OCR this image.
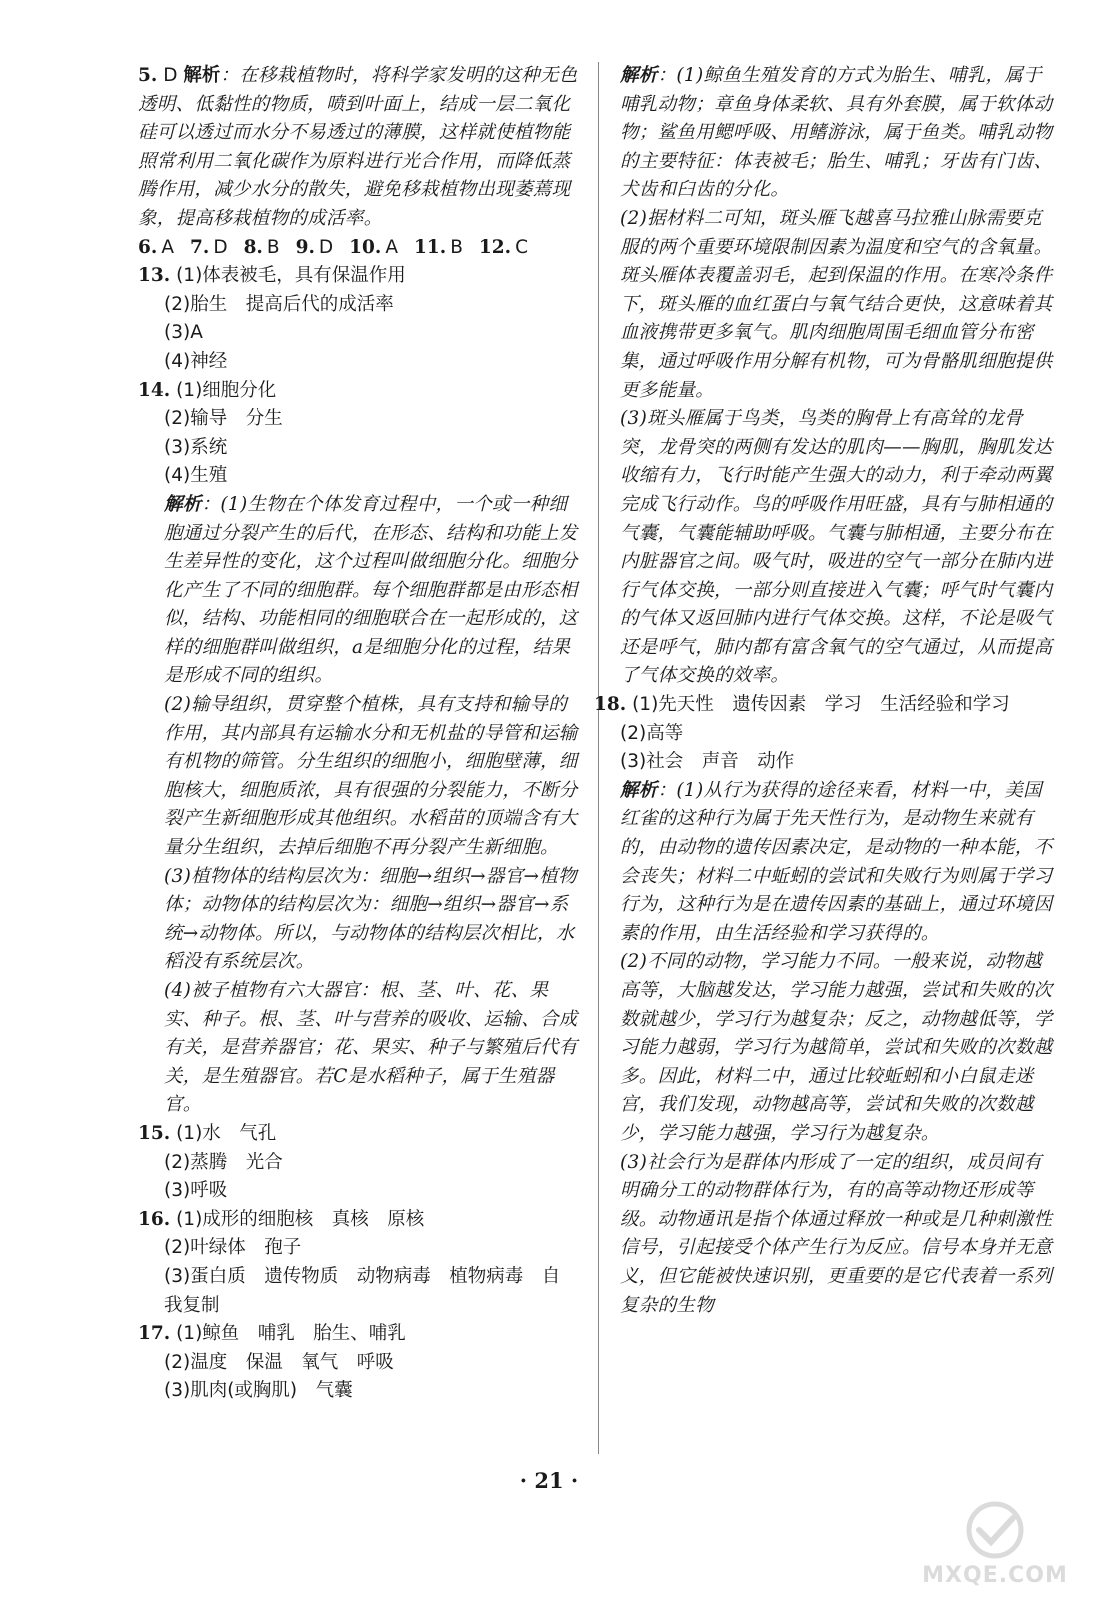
5. D 解析：在移栽植物时，将科学家发明的这种无色透明、低黏性的物质，喷到叶面上，结成一层二氧化硅可以透过而水分不易透过的薄膜，这样就使植物能照常利用二氧化碳作为原料进行光合作用，而降低蒸腾作用，减少水分的散失，避免移栽植物出现萎蔫现象，提高移栽植物的成活率。

6. A 7. D 8. B 9. D 10. A 11. B 12. C

13. (1)体表被毛，具有保温作用

(2)胎生　提高后代的成活率

(3)A

(4)神经

14. (1)细胞分化

(2)输导　分生

(3)系统

(4)生殖

解析：(1)生物在个体发育过程中，一个或一种细胞通过分裂产生的后代，在形态、结构和功能上发生差异性的变化，这个过程叫做细胞分化。细胞分化产生了不同的细胞群。每个细胞群都是由形态相似，结构、功能相同的细胞联合在一起形成的，这样的细胞群叫做组织，a是细胞分化的过程，结果是形成不同的组织。

(2)输导组织，贯穿整个植株，具有支持和输导的作用，其内部具有运输水分和无机盐的导管和运输有机物的筛管。分生组织的细胞小，细胞壁薄，细胞核大，细胞质浓，具有很强的分裂能力，不断分裂产生新细胞形成其他组织。水稻苗的顶端含有大量分生组织，去掉后细胞不再分裂产生新细胞。

(3)植物体的结构层次为：细胞→组织→器官→植物体；动物体的结构层次为：细胞→组织→器官→系统→动物体。所以，与动物体的结构层次相比，水稻没有系统层次。

(4)被子植物有六大器官：根、茎、叶、花、果实、种子。根、茎、叶与营养的吸收、运输、合成有关，是营养器官；花、果实、种子与繁殖后代有关，是生殖器官。若C是水稻种子，属于生殖器官。

15. (1)水　气孔

(2)蒸腾　光合

(3)呼吸

16. (1)成形的细胞核　真核　原核

(2)叶绿体　孢子

(3)蛋白质　遗传物质　动物病毒　植物病毒　自我复制

17. (1)鲸鱼　哺乳　胎生、哺乳

(2)温度　保温　氧气　呼吸

(3)肌肉(或胸肌)　气囊

解析：(1)鲸鱼生殖发育的方式为胎生、哺乳，属于哺乳动物；章鱼身体柔软、具有外套膜，属于软体动物；鲨鱼用鳃呼吸、用鳍游泳，属于鱼类。哺乳动物的主要特征：体表被毛；胎生、哺乳；牙齿有门齿、犬齿和臼齿的分化。

(2)据材料二可知，斑头雁飞越喜马拉雅山脉需要克服的两个重要环境限制因素为温度和空气的含氧量。斑头雁体表覆盖羽毛，起到保温的作用。在寒冷条件下，斑头雁的血红蛋白与氧气结合更快，这意味着其血液携带更多氧气。肌肉细胞周围毛细血管分布密集，通过呼吸作用分解有机物，可为骨骼肌细胞提供更多能量。

(3)斑头雁属于鸟类，鸟类的胸骨上有高耸的龙骨突，龙骨突的两侧有发达的肌肉——胸肌，胸肌发达收缩有力，飞行时能产生强大的动力，利于牵动两翼完成飞行动作。鸟的呼吸作用旺盛，具有与肺相通的气囊，气囊能辅助呼吸。气囊与肺相通，主要分布在内脏器官之间。吸气时，吸进的空气一部分在肺内进行气体交换，一部分则直接进入气囊；呼气时气囊内的气体又返回肺内进行气体交换。这样，不论是吸气还是呼气，肺内都有富含氧气的空气通过，从而提高了气体交换的效率。

18. (1)先天性　遗传因素　学习　生活经验和学习

(2)高等

(3)社会　声音　动作

解析：(1)从行为获得的途径来看，材料一中，美国红雀的这种行为属于先天性行为，是动物生来就有的，由动物的遗传因素决定，是动物的一种本能，不会丧失；材料二中蚯蚓的尝试和失败行为则属于学习行为，这种行为是在遗传因素的基础上，通过环境因素的作用，由生活经验和学习获得的。

(2)不同的动物，学习能力不同。一般来说，动物越高等，大脑越发达，学习能力越强，尝试和失败的次数就越少，学习行为越复杂；反之，动物越低等，学习能力越弱，学习行为越简单，尝试和失败的次数越多。因此，材料二中，通过比较蚯蚓和小白鼠走迷宫，我们发现，动物越高等，尝试和失败的次数越少，学习能力越强，学习行为越复杂。

(3)社会行为是群体内形成了一定的组织，成员间有明确分工的动物群体行为，有的高等动物还形成等级。动物通讯是指个体通过释放一种或是几种刺激性信号，引起接受个体产生行为反应。信号本身并无意义，但它能被快速识别，更重要的是它代表着一系列复杂的生物

· 21 ·
MXQE.COM
